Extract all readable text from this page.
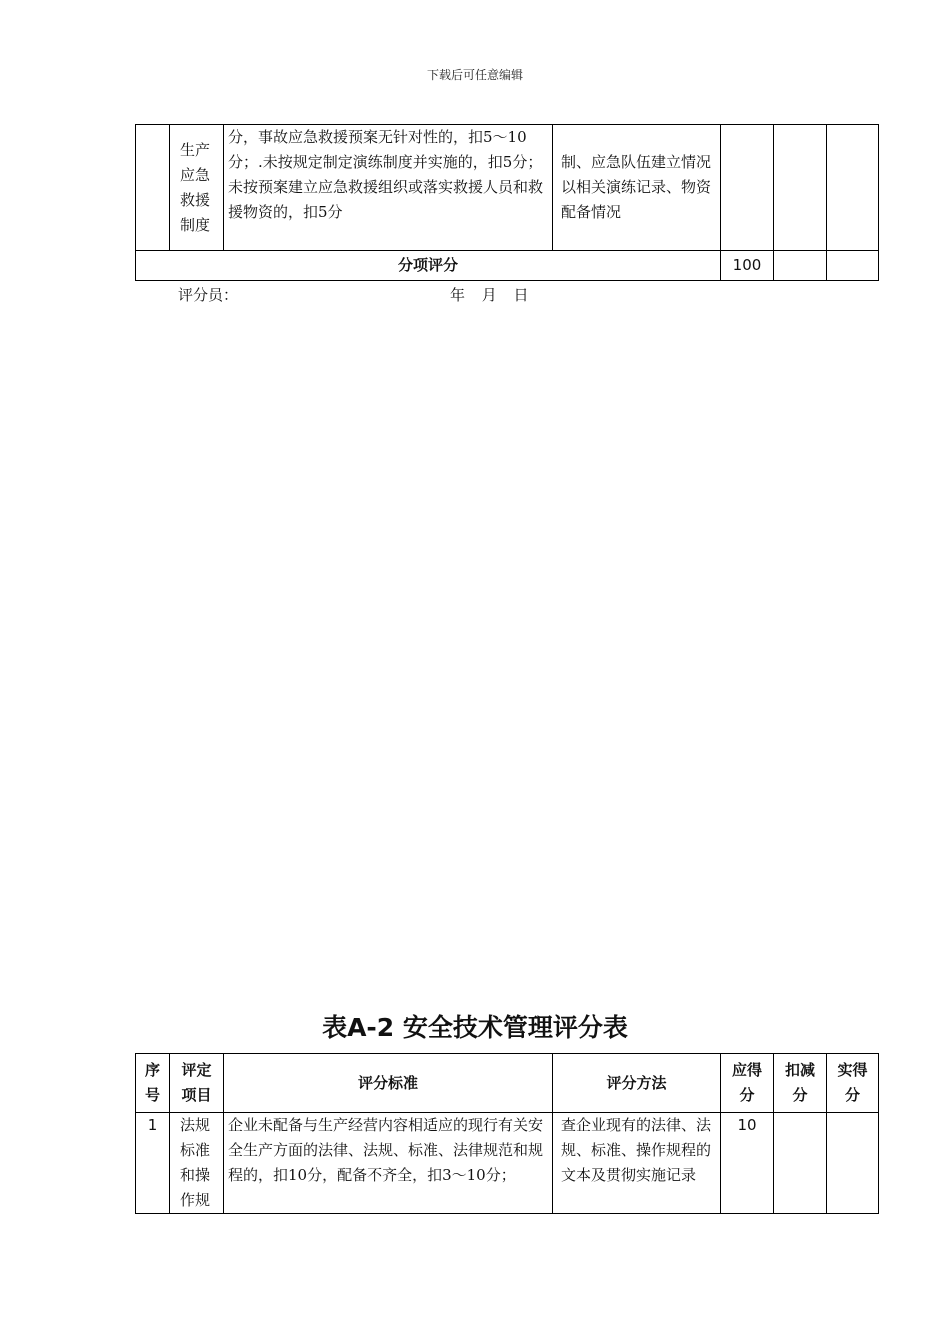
下载后可任意编辑
	生产应急救援制度	分，事故应急救援预案无针对性的，扣5～10分；.未按规定制定演练制度并实施的，扣5分；
未按预案建立应急救援组织或落实救援人员和救援物资的，扣5分	制、应急队伍建立情况以相关演练记录、物资配备情况			
分项评分				100		
评分员：	年 月 日
表A-2 安全技术管理评分表
序号	评定项目	评分标准	评分方法	应得分	扣减分	实得分
1	法规标准和操作规	企业未配备与生产经营内容相适应的现行有关安全生产方面的法律、法规、标准、法律规范和规程的，扣10分，配备不齐全，扣3～10分；	查企业现有的法律、法规、标准、操作规程的文本及贯彻实施记录	10		
